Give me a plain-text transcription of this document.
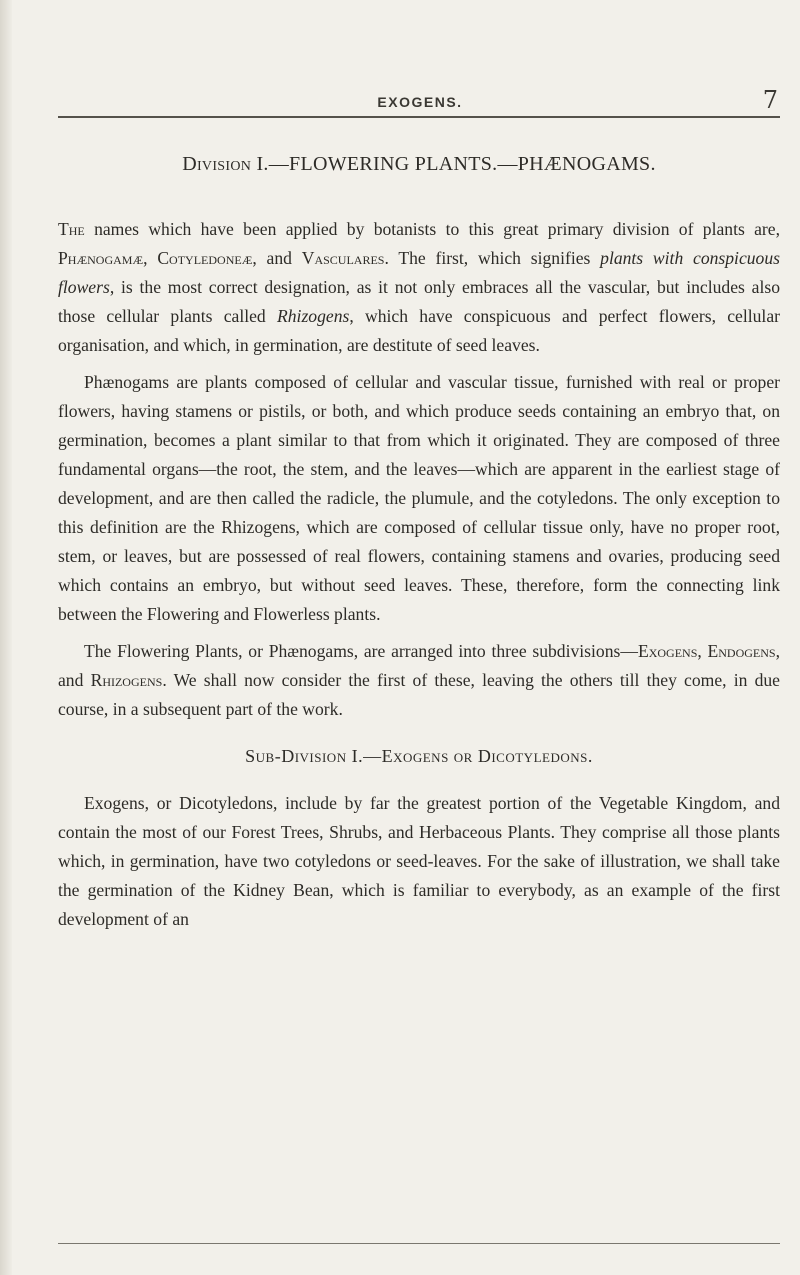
EXOGENS.	7
Division I.—FLOWERING PLANTS.—PHÆNOGAMS.

The names which have been applied by botanists to this great primary division of plants are, Phænogamæ, Cotyledoneæ, and Vasculares. The first, which signifies plants with conspicuous flowers, is the most correct designation, as it not only embraces all the vascular, but includes also those cellular plants called Rhizogens, which have conspicuous and perfect flowers, cellular organisation, and which, in germination, are destitute of seed leaves.

Phænogams are plants composed of cellular and vascular tissue, furnished with real or proper flowers, having stamens or pistils, or both, and which produce seeds containing an embryo that, on germination, becomes a plant similar to that from which it originated. They are composed of three fundamental organs—the root, the stem, and the leaves—which are apparent in the earliest stage of development, and are then called the radicle, the plumule, and the cotyledons. The only exception to this definition are the Rhizogens, which are composed of cellular tissue only, have no proper root, stem, or leaves, but are possessed of real flowers, containing stamens and ovaries, producing seed which contains an embryo, but without seed leaves. These, therefore, form the connecting link between the Flowering and Flowerless plants.

The Flowering Plants, or Phænogams, are arranged into three subdivisions—Exogens, Endogens, and Rhizogens. We shall now consider the first of these, leaving the others till they come, in due course, in a subsequent part of the work.

Sub-Division I.—Exogens or Dicotyledons.

Exogens, or Dicotyledons, include by far the greatest portion of the Vegetable Kingdom, and contain the most of our Forest Trees, Shrubs, and Herbaceous Plants. They comprise all those plants which, in germination, have two cotyledons or seed-leaves. For the sake of illustration, we shall take the germination of the Kidney Bean, which is familiar to everybody, as an example of the first development of an
